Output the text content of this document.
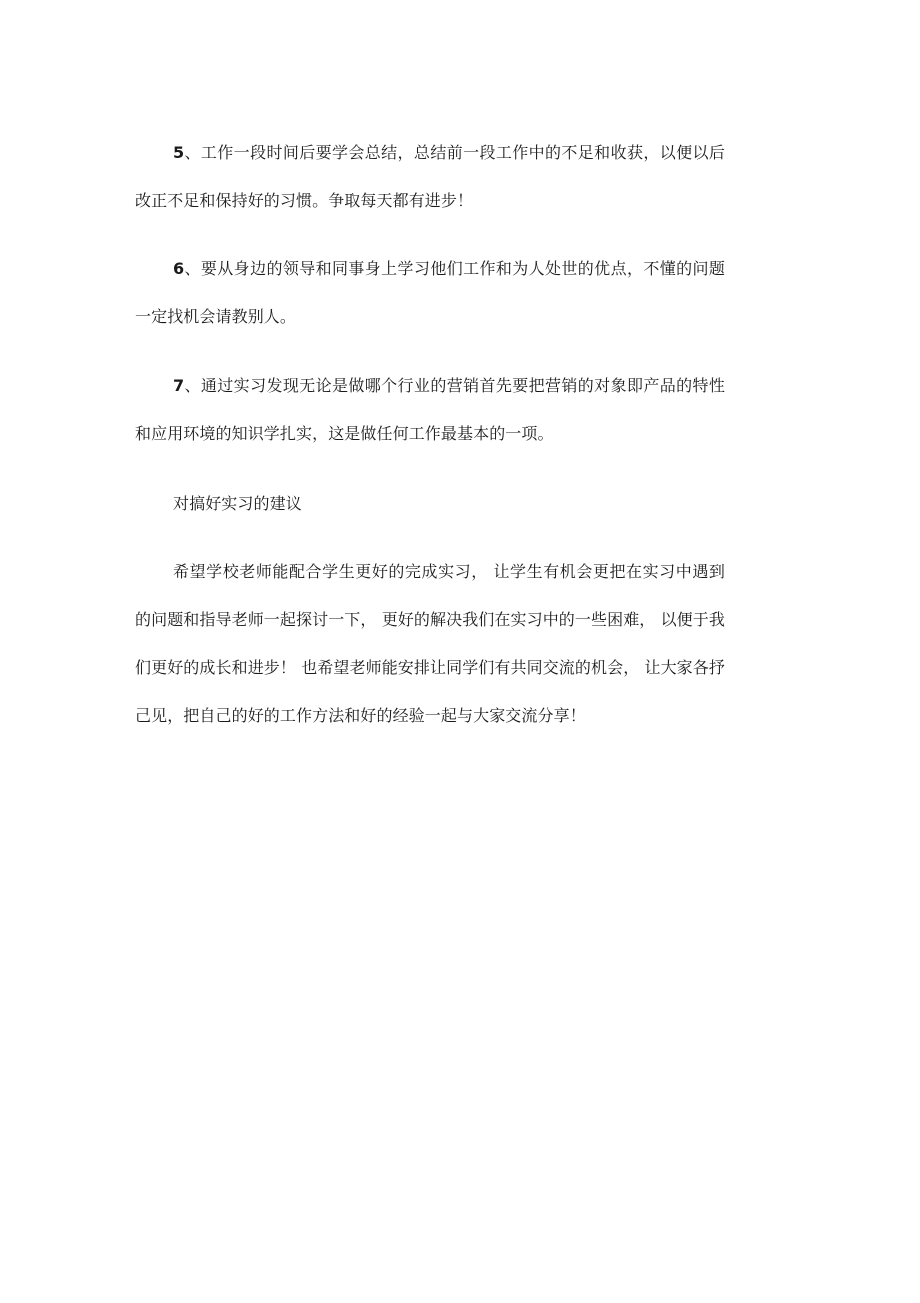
5、工作一段时间后要学会总结，总结前一段工作中的不足和收获，以便以后改正不足和保持好的习惯。争取每天都有进步！

6、要从身边的领导和同事身上学习他们工作和为人处世的优点，不懂的问题一定找机会请教别人。

7、通过实习发现无论是做哪个行业的营销首先要把营销的对象即产品的特性和应用环境的知识学扎实，这是做任何工作最基本的一项。

对搞好实习的建议

希望学校老师能配合学生更好的完成实习， 让学生有机会更把在实习中遇到的问题和指导老师一起探讨一下， 更好的解决我们在实习中的一些困难， 以便于我们更好的成长和进步！ 也希望老师能安排让同学们有共同交流的机会， 让大家各抒己见，把自己的好的工作方法和好的经验一起与大家交流分享！
